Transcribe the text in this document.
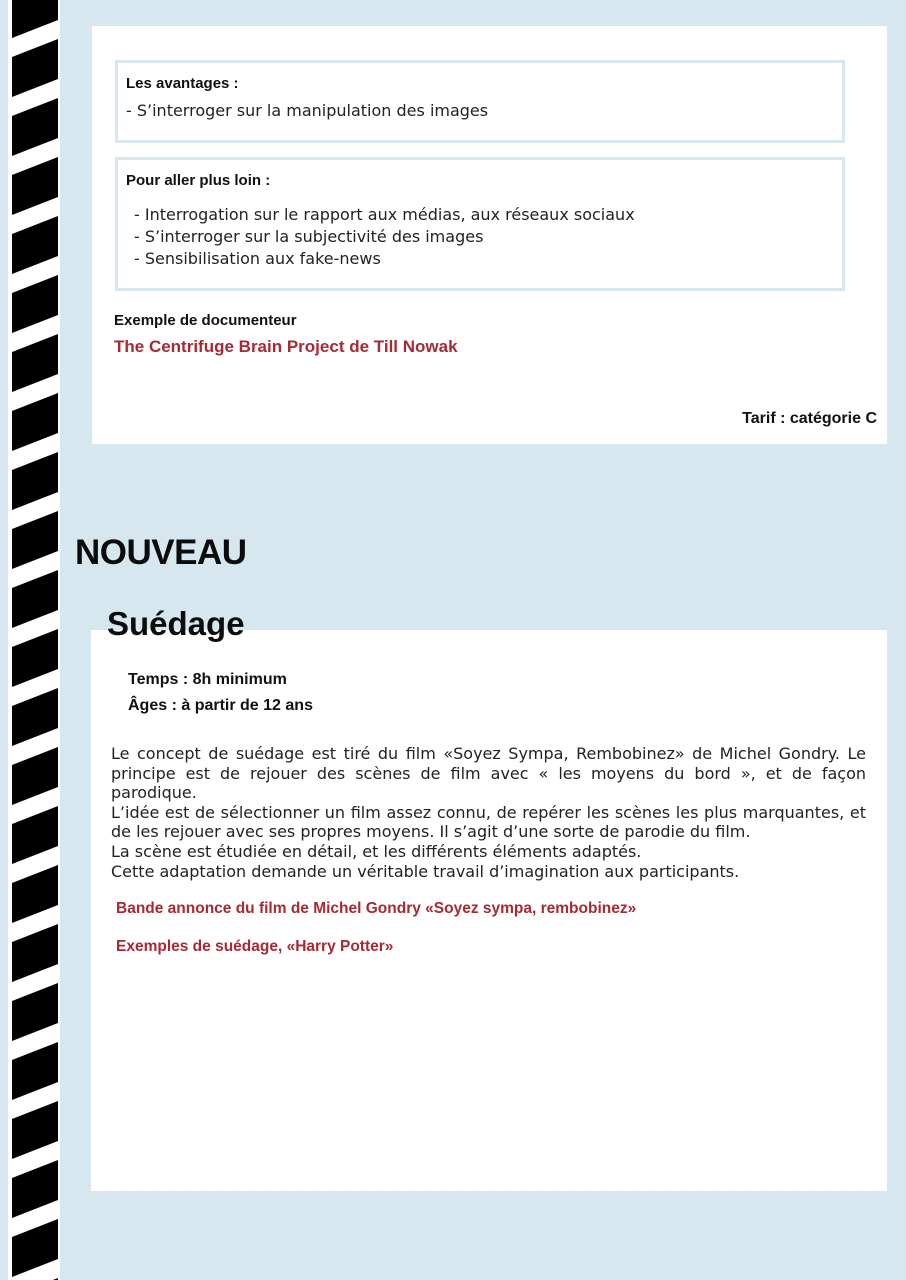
Les avantages :
- S’interroger sur la manipulation des images
Pour aller plus loin :
- Interrogation sur le rapport aux médias, aux réseaux sociaux
- S’interroger sur la subjectivité des images
- Sensibilisation aux fake-news
Exemple de documenteur
The Centrifuge Brain Project de Till Nowak
Tarif : catégorie C
NOUVEAU
Suédage
Temps : 8h minimum
Âges : à partir de 12 ans
Le concept de suédage est tiré du film «Soyez Sympa, Rembobinez» de Michel Gondry. Le
principe est de rejouer des scènes de film avec « les moyens du bord », et de façon parodique.
L’idée est de sélectionner un film assez connu, de repérer les scènes les plus marquantes, et
de les rejouer avec ses propres moyens. Il s’agit d’une sorte de parodie du film.
La scène est étudiée en détail, et les différents éléments adaptés.
Cette adaptation demande un véritable travail d’imagination aux participants.
Bande annonce du film de Michel Gondry «Soyez sympa, rembobinez»
Exemples de suédage, «Harry Potter»
